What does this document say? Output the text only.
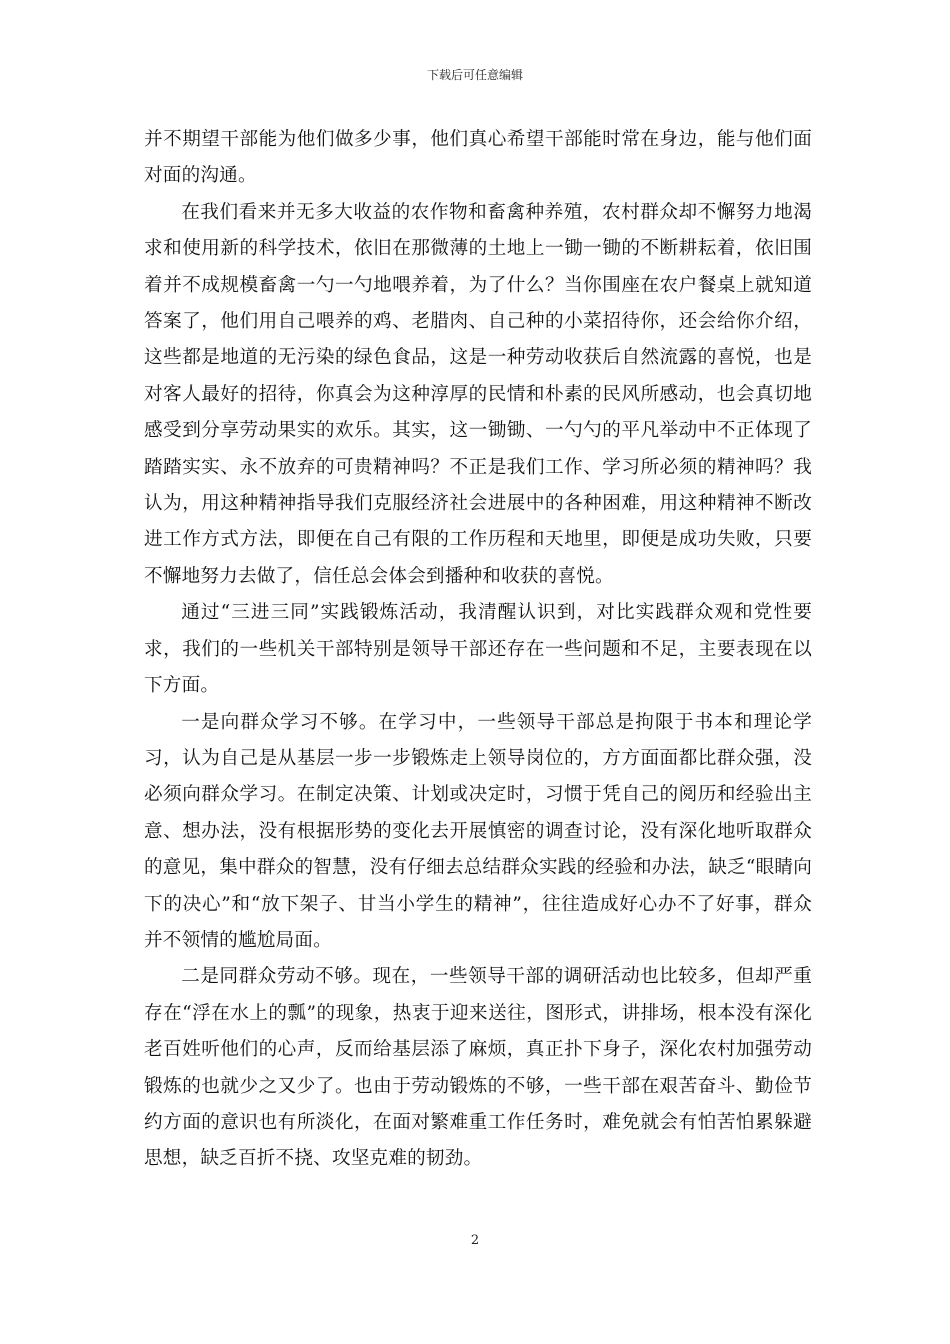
下载后可任意编辑

并不期望干部能为他们做多少事，他们真心希望干部能时常在身边，能与他们面对面的沟通。

在我们看来并无多大收益的农作物和畜禽种养殖，农村群众却不懈努力地渴求和使用新的科学技术，依旧在那微薄的土地上一锄一锄的不断耕耘着，依旧围着并不成规模畜禽一勺一勺地喂养着，为了什么？当你围座在农户餐桌上就知道答案了，他们用自己喂养的鸡、老腊肉、自己种的小菜招待你，还会给你介绍，这些都是地道的无污染的绿色食品，这是一种劳动收获后自然流露的喜悦，也是对客人最好的招待，你真会为这种淳厚的民情和朴素的民风所感动，也会真切地感受到分享劳动果实的欢乐。其实，这一锄锄、一勺勺的平凡举动中不正体现了踏踏实实、永不放弃的可贵精神吗？不正是我们工作、学习所必须的精神吗？我认为，用这种精神指导我们克服经济社会进展中的各种困难，用这种精神不断改进工作方式方法，即便在自己有限的工作历程和天地里，即便是成功失败，只要不懈地努力去做了，信任总会体会到播种和收获的喜悦。

通过“三进三同”实践锻炼活动，我清醒认识到，对比实践群众观和党性要求，我们的一些机关干部特别是领导干部还存在一些问题和不足，主要表现在以下方面。

一是向群众学习不够。在学习中，一些领导干部总是拘限于书本和理论学习，认为自己是从基层一步一步锻炼走上领导岗位的，方方面面都比群众强，没必须向群众学习。在制定决策、计划或决定时，习惯于凭自己的阅历和经验出主意、想办法，没有根据形势的变化去开展慎密的调查讨论，没有深化地听取群众的意见，集中群众的智慧，没有仔细去总结群众实践的经验和办法，缺乏“眼睛向下的决心”和“放下架子、甘当小学生的精神”，往往造成好心办不了好事，群众并不领情的尴尬局面。

二是同群众劳动不够。现在，一些领导干部的调研活动也比较多，但却严重存在“浮在水上的瓢”的现象，热衷于迎来送往，图形式，讲排场，根本没有深化老百姓听他们的心声，反而给基层添了麻烦，真正扑下身子，深化农村加强劳动锻炼的也就少之又少了。也由于劳动锻炼的不够，一些干部在艰苦奋斗、勤俭节约方面的意识也有所淡化，在面对繁难重工作任务时，难免就会有怕苦怕累躲避思想，缺乏百折不挠、攻坚克难的韧劲。

2
